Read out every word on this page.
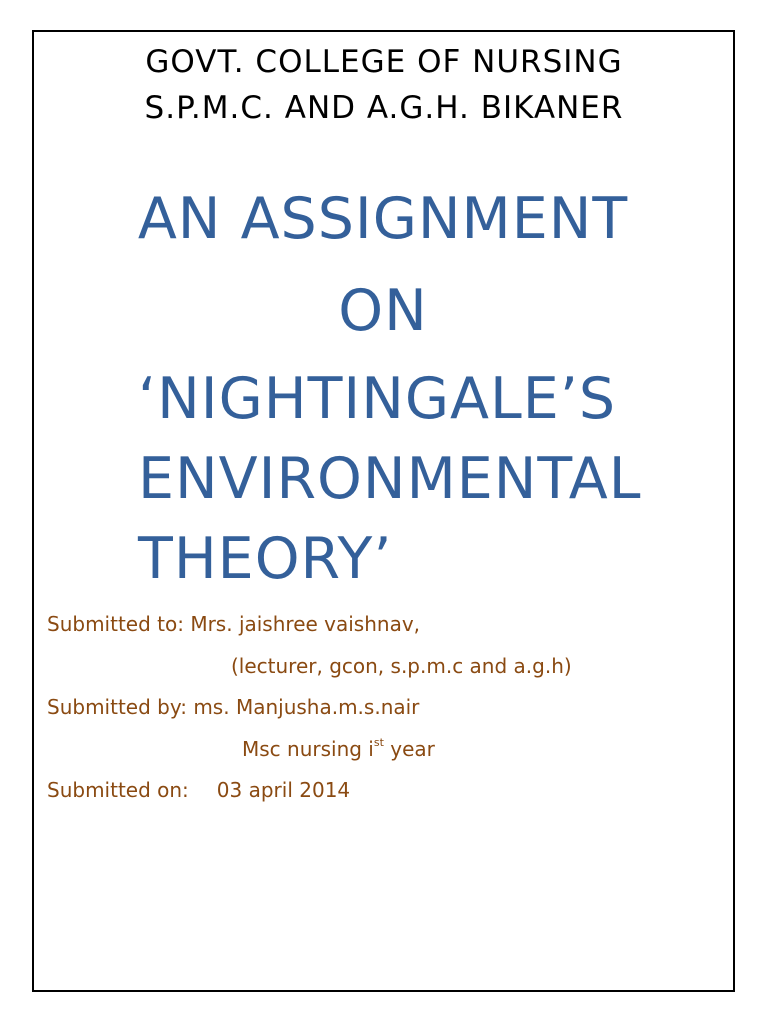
GOVT. COLLEGE OF NURSING
S.P.M.C. AND A.G.H. BIKANER
AN ASSIGNMENT
ON
‘NIGHTINGALE’S
ENVIRONMENTAL
THEORY’
Submitted to: Mrs. jaishree vaishnav,
(lecturer, gcon, s.p.m.c and a.g.h)
Submitted by: ms. Manjusha.m.s.nair
Msc nursing $i^{st}$ year
Submitted on: 03 april 2014
